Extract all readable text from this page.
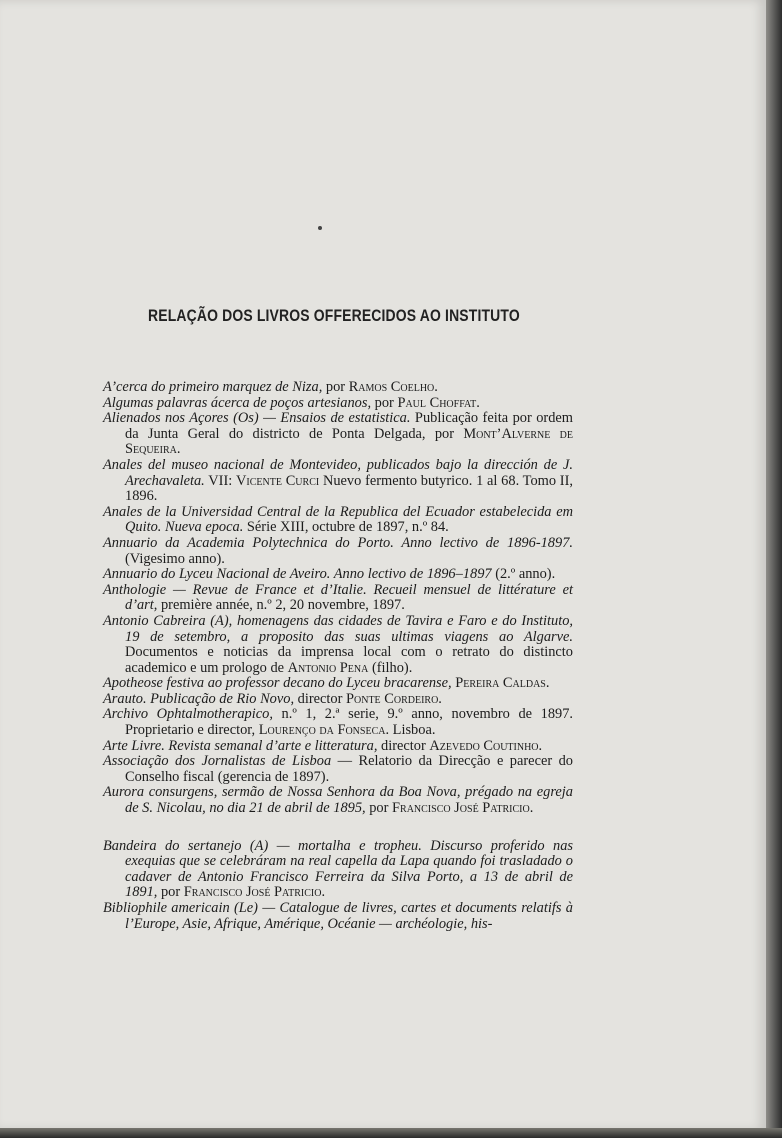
RELAÇÃO DOS LIVROS OFFERECIDOS AO INSTITUTO
A’cerca do primeiro marquez de Niza, por Ramos Coelho.
Algumas palavras ácerca de poços artesianos, por Paul Choffat.
Alienados nos Açores (Os) — Ensaios de estatistica. Publicação feita por ordem da Junta Geral do districto de Ponta Delgada, por Mont’Alverne de Sequeira.
Anales del museo nacional de Montevideo, publicados bajo la dirección de J. Arechavaleta. VII: Vicente Curci Nuevo fermento butyrico. 1 al 68. Tomo II, 1896.
Anales de la Universidad Central de la Republica del Ecuador estabelecida em Quito. Nueva epoca. Série XIII, octubre de 1897, n.º 84.
Annuario da Academia Polytechnica do Porto. Anno lectivo de 1896-1897. (Vigesimo anno).
Annuario do Lyceu Nacional de Aveiro. Anno lectivo de 1896–1897 (2.º anno).
Anthologie — Revue de France et d’Italie. Recueil mensuel de littérature et d’art, première année, n.º 2, 20 novembre, 1897.
Antonio Cabreira (A), homenagens das cidades de Tavira e Faro e do Instituto, 19 de setembro, a proposito das suas ultimas viagens ao Algarve. Documentos e noticias da imprensa local com o retrato do distincto academico e um prologo de Antonio Pena (filho).
Apotheose festiva ao professor decano do Lyceu bracarense, Pereira Caldas.
Arauto. Publicação de Rio Novo, director Ponte Cordeiro.
Archivo Ophtalmotherapico, n.º 1, 2.ª serie, 9.º anno, novembro de 1897. Proprietario e director, Lourenço da Fonseca. Lisboa.
Arte Livre. Revista semanal d’arte e litteratura, director Azevedo Coutinho.
Associação dos Jornalistas de Lisboa — Relatorio da Direcção e parecer do Conselho fiscal (gerencia de 1897).
Aurora consurgens, sermão de Nossa Senhora da Boa Nova, prégado na egreja de S. Nicolau, no dia 21 de abril de 1895, por Francisco José Patricio.
Bandeira do sertanejo (A) — mortalha e tropheu. Discurso proferido nas exequias que se celebráram na real capella da Lapa quando foi trasladado o cadaver de Antonio Francisco Ferreira da Silva Porto, a 13 de abril de 1891, por Francisco José Patricio.
Bibliophile americain (Le) — Catalogue de livres, cartes et documents relatifs à l’Europe, Asie, Afrique, Amérique, Océanie — archéologie, his-
